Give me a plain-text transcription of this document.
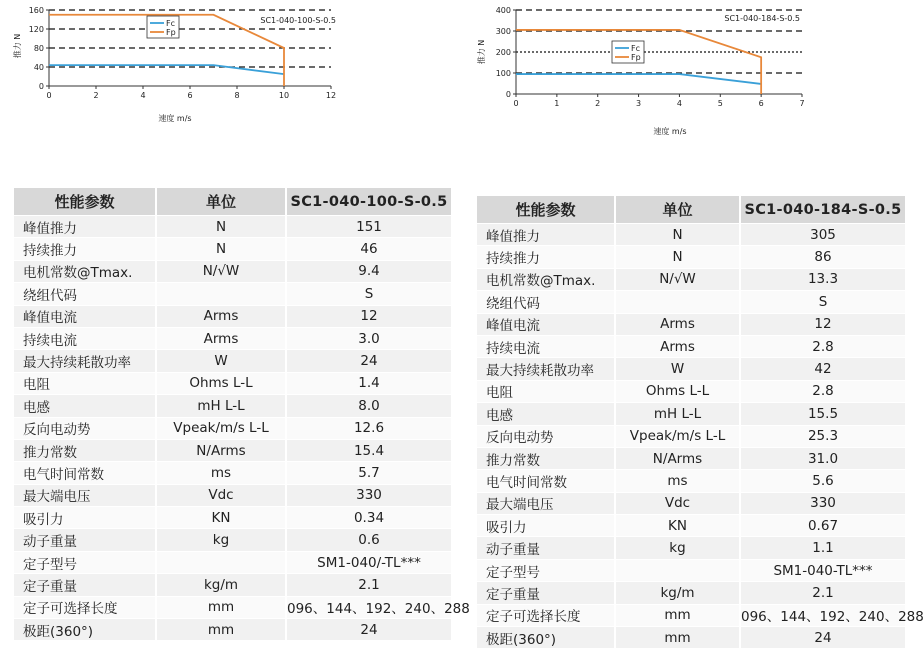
0	2	4	6	8	10	12
0
40
80
120
160
速度 m/s
推力 N
SC1-040-100-S-0.5
Fc
Fp
0	1	2	3	4	5	6	7
0
100
200
300
400
速度 m/s
推力 N
SC1-040-184-S-0.5
Fc
Fp
性能参数	单位	SC1-040-100-S-0.5
峰值推力	N	151
持续推力	N	46
电机常数@Tmax.	N/√W	9.4
绕组代码		S
峰值电流	Arms	12
持续电流	Arms	3.0
最大持续耗散功率	W	24
电阻	Ohms L-L	1.4
电感	mH L-L	8.0
反向电动势	Vpeak/m/s L-L	12.6
推力常数	N/Arms	15.4
电气时间常数	ms	5.7
最大端电压	Vdc	330
吸引力	KN	0.34
动子重量	kg	0.6
定子型号		SM1-040/-TL***
定子重量	kg/m	2.1
定子可选择长度	mm	096、144、192、240、288
极距(360°)	mm	24
性能参数	单位	SC1-040-184-S-0.5
峰值推力	N	305
持续推力	N	86
电机常数@Tmax.	N/√W	13.3
绕组代码		S
峰值电流	Arms	12
持续电流	Arms	2.8
最大持续耗散功率	W	42
电阻	Ohms L-L	2.8
电感	mH L-L	15.5
反向电动势	Vpeak/m/s L-L	25.3
推力常数	N/Arms	31.0
电气时间常数	ms	5.6
最大端电压	Vdc	330
吸引力	KN	0.67
动子重量	kg	1.1
定子型号		SM1-040-TL***
定子重量	kg/m	2.1
定子可选择长度	mm	096、144、192、240、288
极距(360°)	mm	24
